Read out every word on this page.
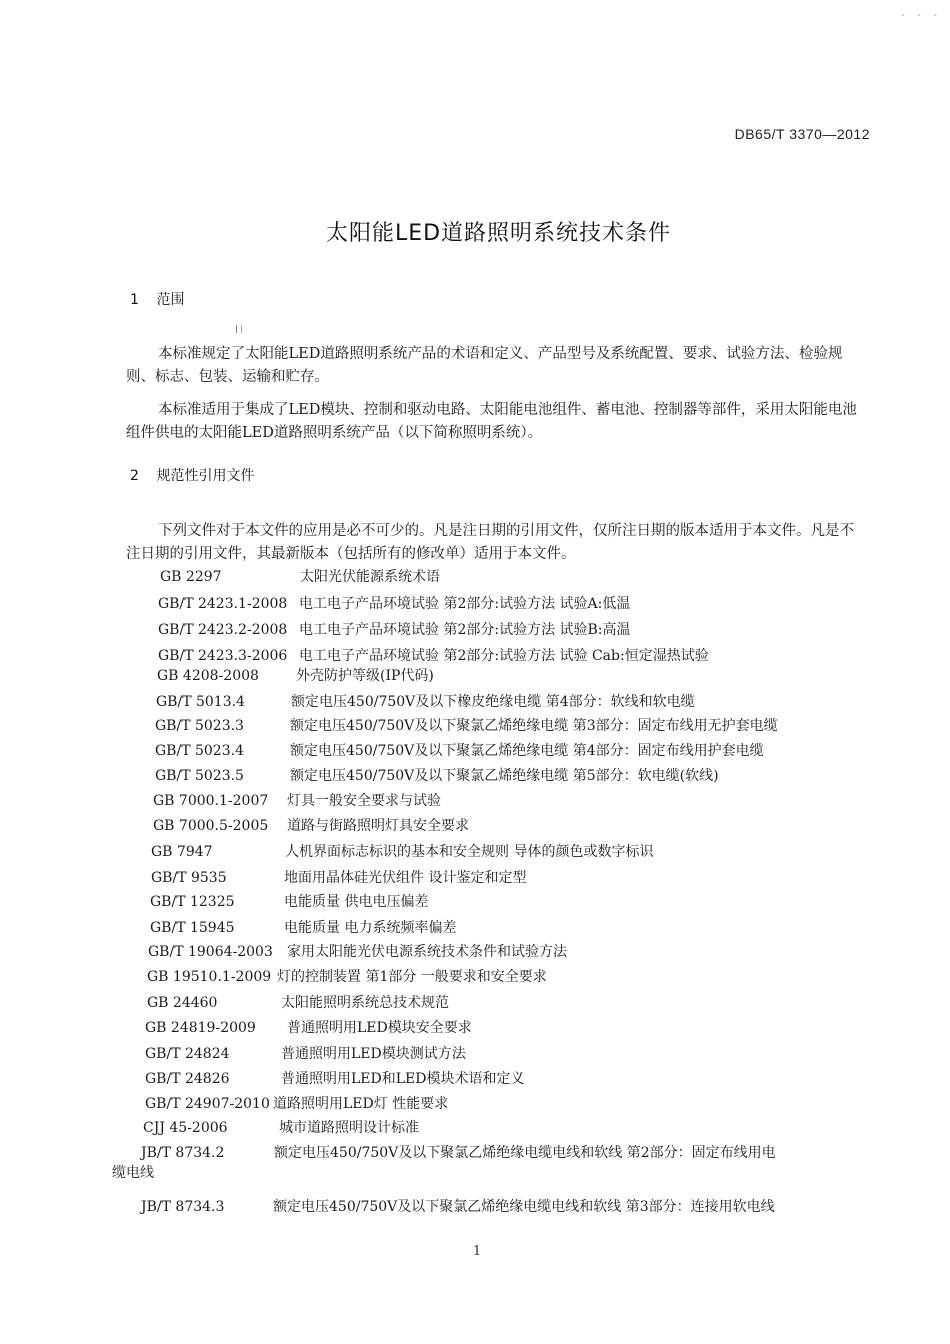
- - -
DB65/T 3370—2012
太阳能LED道路照明系统技术条件
1 范围

本标准规定了太阳能LED道路照明系统产品的术语和定义、产品型号及系统配置、要求、试验方法、检验规则、标志、包装、运输和贮存。

本标准适用于集成了LED模块、控制和驱动电路、太阳能电池组件、蓄电池、控制器等部件，采用太阳能电池组件供电的太阳能LED道路照明系统产品（以下简称照明系统）。

2 规范性引用文件

下列文件对于本文件的应用是必不可少的。凡是注日期的引用文件，仅所注日期的版本适用于本文件。凡是不注日期的引用文件，其最新版本（包括所有的修改单）适用于本文件。

GB 2297	太阳光伏能源系统术语
GB/T 2423.1-2008 电工电子产品环境试验 第2部分:试验方法 试验A:低温
GB/T 2423.2-2008 电工电子产品环境试验 第2部分:试验方法 试验B:高温
GB/T 2423.3-2006 电工电子产品环境试验 第2部分:试验方法 试验 Cab:恒定湿热试验
GB 4208-2008	外壳防护等级(IP代码)
GB/T 5013.4	额定电压450/750V及以下橡皮绝缘电缆 第4部分：软线和软电缆
GB/T 5023.3	额定电压450/750V及以下聚氯乙烯绝缘电缆 第3部分：固定布线用无护套电缆
GB/T 5023.4	额定电压450/750V及以下聚氯乙烯绝缘电缆 第4部分：固定布线用护套电缆
GB/T 5023.5	额定电压450/750V及以下聚氯乙烯绝缘电缆 第5部分：软电缆(软线)
GB 7000.1-2007 灯具一般安全要求与试验
GB 7000.5-2005 道路与街路照明灯具安全要求
GB 7947	人机界面标志标识的基本和安全规则 导体的颜色或数字标识
GB/T 9535	地面用晶体硅光伏组件 设计鉴定和定型
GB/T 12325	电能质量 供电电压偏差
GB/T 15945	电能质量 电力系统频率偏差
GB/T 19064-2003 家用太阳能光伏电源系统技术条件和试验方法
GB 19510.1-2009 灯的控制装置 第1部分 一般要求和安全要求
GB 24460	太阳能照明系统总技术规范
GB 24819-2009 普通照明用LED模块安全要求
GB/T 24824	普通照明用LED模块测试方法
GB/T 24826	普通照明用LED和LED模块术语和定义
GB/T 24907-2010 道路照明用LED灯 性能要求
CJJ 45-2006	城市道路照明设计标准
JB/T 8734.2	额定电压450/750V及以下聚氯乙烯绝缘电缆电线和软线 第2部分：固定布线用电
缆电线
JB/T 8734.3	额定电压450/750V及以下聚氯乙烯绝缘电缆电线和软线 第3部分：连接用软电线
1
